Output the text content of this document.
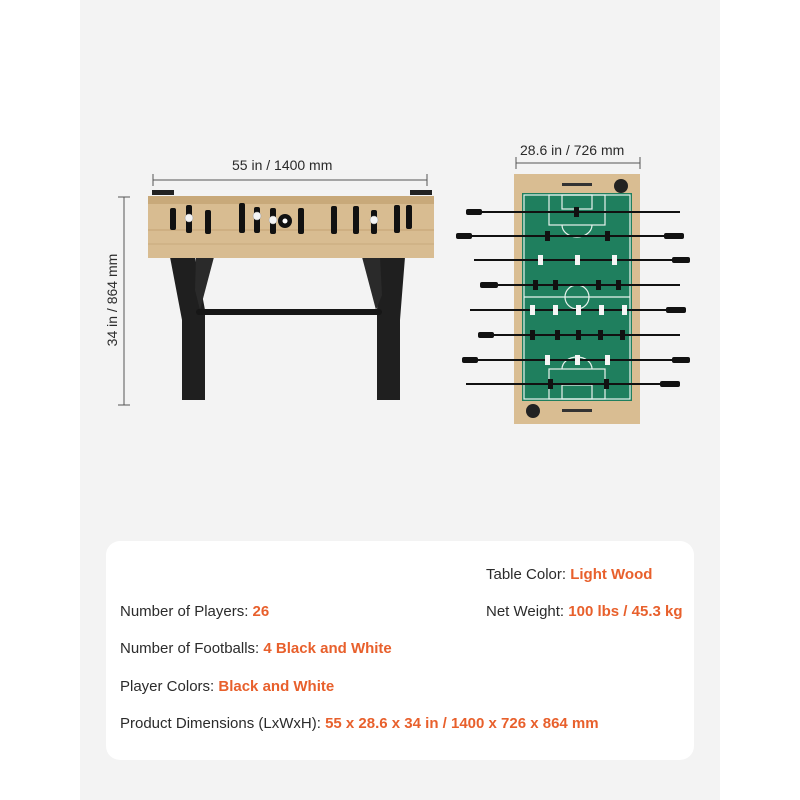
55 in / 1400 mm
28.6 in / 726 mm
34 in / 864 mm
Table Color: Light Wood
Number of Players: 26	Net Weight: 100 lbs / 45.3 kg
Number of Footballs: 4 Black and White
Player Colors: Black and White
Product Dimensions (LxWxH): 55 x 28.6 x 34 in / 1400 x 726 x 864 mm
